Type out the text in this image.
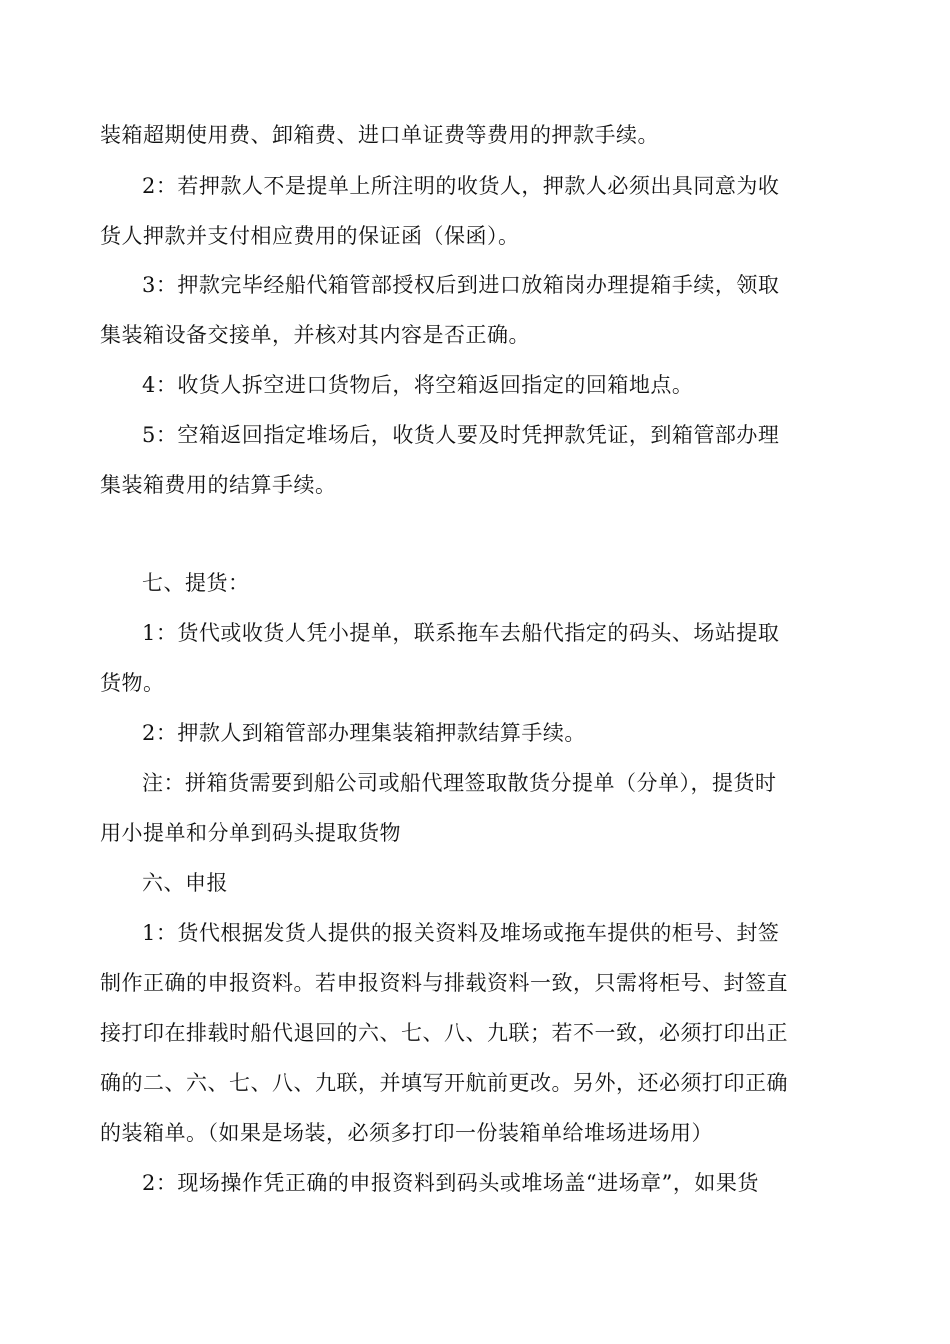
装箱超期使用费、卸箱费、进口单证费等费用的押款手续。
2：若押款人不是提单上所注明的收货人，押款人必须出具同意为收
货人押款并支付相应费用的保证函（保函）。
3：押款完毕经船代箱管部授权后到进口放箱岗办理提箱手续，领取
集装箱设备交接单，并核对其内容是否正确。
4：收货人拆空进口货物后，将空箱返回指定的回箱地点。
5：空箱返回指定堆场后，收货人要及时凭押款凭证，到箱管部办理
集装箱费用的结算手续。
七、提货：
1：货代或收货人凭小提单，联系拖车去船代指定的码头、场站提取
货物。
2：押款人到箱管部办理集装箱押款结算手续。
注：拼箱货需要到船公司或船代理签取散货分提单（分单），提货时
用小提单和分单到码头提取货物
六、申报
1：货代根据发货人提供的报关资料及堆场或拖车提供的柜号、封签
制作正确的申报资料。若申报资料与排载资料一致，只需将柜号、封签直
接打印在排载时船代退回的六、七、八、九联；若不一致，必须打印出正
确的二、六、七、八、九联，并填写开航前更改。另外，还必须打印正确
的装箱单。（如果是场装，必须多打印一份装箱单给堆场进场用）
2：现场操作凭正确的申报资料到码头或堆场盖“进场章”，如果货
